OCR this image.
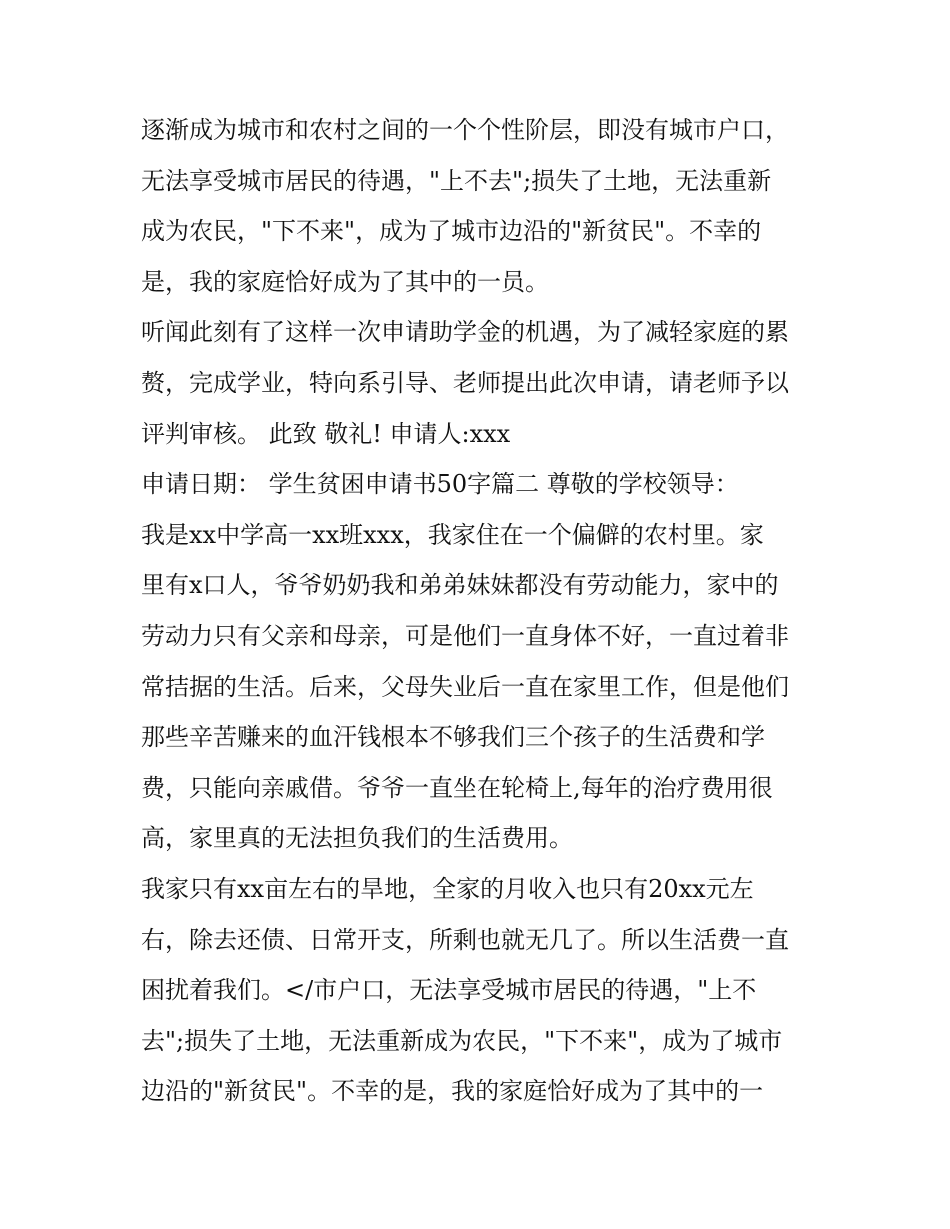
逐渐成为城市和农村之间的一个个性阶层，即没有城市户口，

无法享受城市居民的待遇，"上不去";损失了土地，无法重新

成为农民，"下不来"，成为了城市边沿的"新贫民"。不幸的

是，我的家庭恰好成为了其中的一员。

听闻此刻有了这样一次申请助学金的机遇，为了减轻家庭的累

赘，完成学业，特向系引导、老师提出此次申请，请老师予以

评判审核。 此致 敬礼! 申请人:xxx

申请日期： 学生贫困申请书50字篇二 尊敬的学校领导：

我是xx中学高一xx班xxx，我家住在一个偏僻的农村里。家

里有x口人，爷爷奶奶我和弟弟妹妹都没有劳动能力，家中的

劳动力只有父亲和母亲，可是他们一直身体不好，一直过着非

常拮据的生活。后来，父母失业后一直在家里工作，但是他们

那些辛苦赚来的血汗钱根本不够我们三个孩子的生活费和学

费，只能向亲戚借。爷爷一直坐在轮椅上,每年的治疗费用很

高，家里真的无法担负我们的生活费用。

我家只有xx亩左右的旱地，全家的月收入也只有20xx元左

右，除去还债、日常开支，所剩也就无几了。所以生活费一直

困扰着我们。</市户口，无法享受城市居民的待遇，"上不

去";损失了土地，无法重新成为农民，"下不来"，成为了城市

边沿的"新贫民"。不幸的是，我的家庭恰好成为了其中的一
